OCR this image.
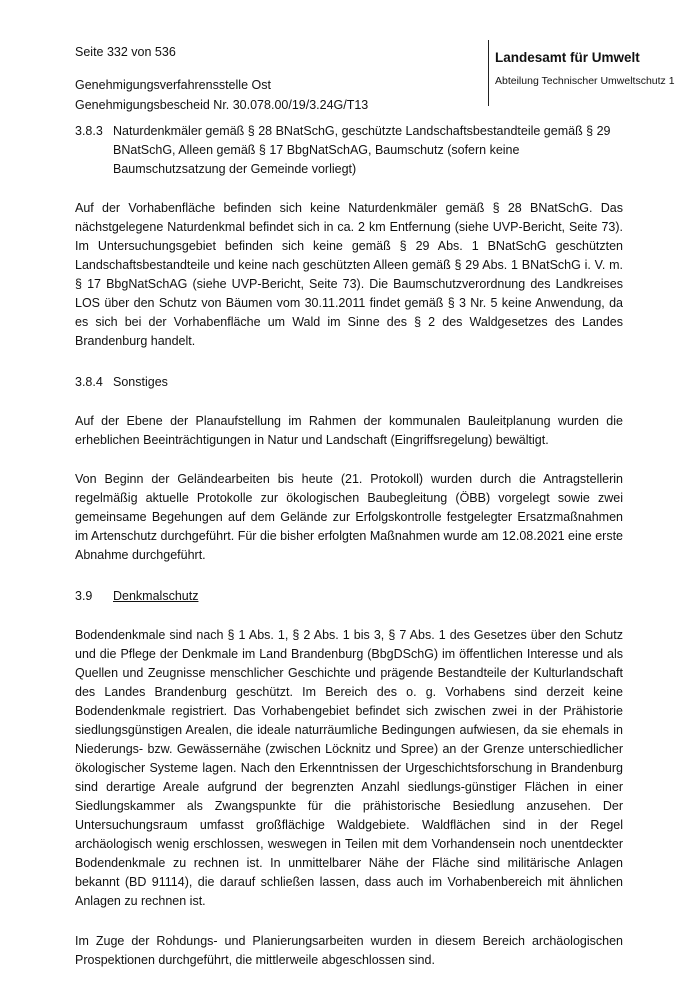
Seite 332 von 536
Genehmigungsverfahrensstelle Ost
Genehmigungsbescheid Nr. 30.078.00/19/3.24G/T13
Landesamt für Umwelt
Abteilung Technischer Umweltschutz 1
3.8.3 Naturdenkmäler gemäß § 28 BNatSchG, geschützte Landschaftsbestandteile gemäß § 29 BNatSchG, Alleen gemäß § 17 BbgNatSchAG, Baumschutz (sofern keine Baumschutzsatzung der Gemeinde vorliegt)

Auf der Vorhabenfläche befinden sich keine Naturdenkmäler gemäß § 28 BNatSchG. Das nächstgelegene Naturdenkmal befindet sich in ca. 2 km Entfernung (siehe UVP-Bericht, Seite 73). Im Untersuchungsgebiet befinden sich keine gemäß § 29 Abs. 1 BNatSchG geschützten Landschaftsbestandteile und keine nach geschützten Alleen gemäß § 29 Abs. 1 BNatSchG i. V. m. § 17 BbgNatSchAG (siehe UVP-Bericht, Seite 73). Die Baumschutzverordnung des Landkreises LOS über den Schutz von Bäumen vom 30.11.2011 findet gemäß § 3 Nr. 5 keine Anwendung, da es sich bei der Vorhabenfläche um Wald im Sinne des § 2 des Waldgesetzes des Landes Brandenburg handelt.

3.8.4 Sonstiges

Auf der Ebene der Planaufstellung im Rahmen der kommunalen Bauleitplanung wurden die erheblichen Beeinträchtigungen in Natur und Landschaft (Eingriffsregelung) bewältigt.

Von Beginn der Geländearbeiten bis heute (21. Protokoll) wurden durch die Antragstellerin regelmäßig aktuelle Protokolle zur ökologischen Baubegleitung (ÖBB) vorgelegt sowie zwei gemeinsame Begehungen auf dem Gelände zur Erfolgskontrolle festgelegter Ersatzmaßnahmen im Artenschutz durchgeführt. Für die bisher erfolgten Maßnahmen wurde am 12.08.2021 eine erste Abnahme durchgeführt.

3.9	Denkmalschutz

Bodendenkmale sind nach § 1 Abs. 1, § 2 Abs. 1 bis 3, § 7 Abs. 1 des Gesetzes über den Schutz und die Pflege der Denkmale im Land Brandenburg (BbgDSchG) im öffentlichen Interesse und als Quellen und Zeugnisse menschlicher Geschichte und prägende Bestandteile der Kulturlandschaft des Landes Brandenburg geschützt. Im Bereich des o. g. Vorhabens sind derzeit keine Bodendenkmale registriert. Das Vorhabengebiet befindet sich zwischen zwei in der Prähistorie siedlungsgünstigen Arealen, die ideale naturräumliche Bedingungen aufwiesen, da sie ehemals in Niederungs- bzw. Gewässernähe (zwischen Löcknitz und Spree) an der Grenze unterschiedlicher ökologischer Systeme lagen. Nach den Erkenntnissen der Urgeschichtsforschung in Brandenburg sind derartige Areale aufgrund der begrenzten Anzahl siedlungs-günstiger Flächen in einer Siedlungskammer als Zwangspunkte für die prähistorische Besiedlung anzusehen. Der Untersuchungsraum umfasst großflächige Waldgebiete. Waldflächen sind in der Regel archäologisch wenig erschlossen, weswegen in Teilen mit dem Vorhandensein noch unentdeckter Bodendenkmale zu rechnen ist. In unmittelbarer Nähe der Fläche sind militärische Anlagen bekannt (BD 91114), die darauf schließen lassen, dass auch im Vorhabenbereich mit ähnlichen Anlagen zu rechnen ist.

Im Zuge der Rohdungs- und Planierungsarbeiten wurden in diesem Bereich archäologischen Prospektionen durchgeführt, die mittlerweile abgeschlossen sind.
